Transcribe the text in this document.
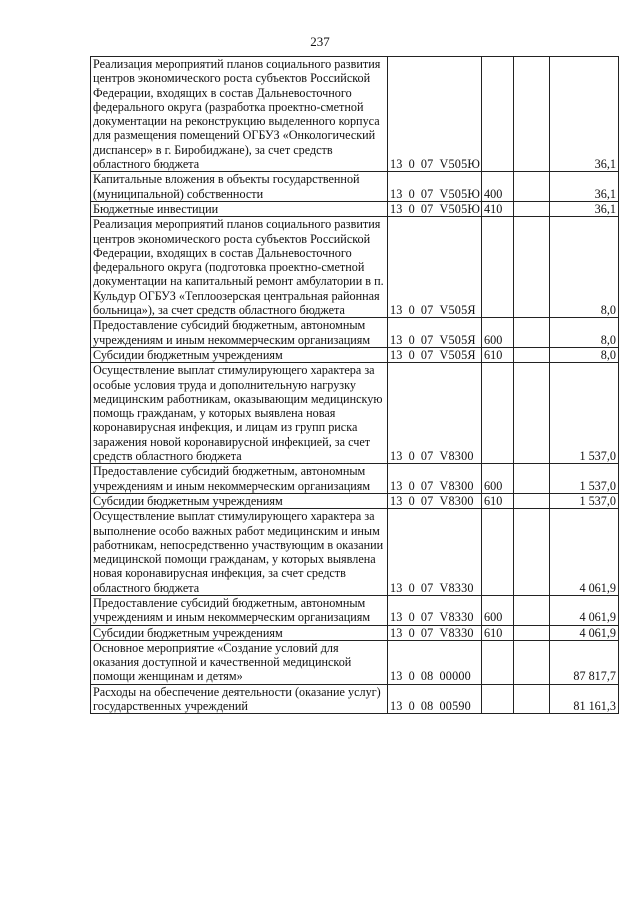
237
Реализация мероприятий планов социального развития центров экономического роста субъектов Российской Федерации, входящих в состав Дальневосточного федерального округа (разработка проектно-сметной документации на реконструкцию выделенного корпуса для размещения помещений ОГБУЗ «Онкологический диспансер» в г. Биробиджане), за счет средств областного бюджета	13 0 07 V505Ю			36,1
Капитальные вложения в объекты государственной (муниципальной) собственности	13 0 07 V505Ю	400		36,1
Бюджетные инвестиции	13 0 07 V505Ю	410		36,1
Реализация мероприятий планов социального развития центров экономического роста субъектов Российской Федерации, входящих в состав Дальневосточного федерального округа (подготовка проектно-сметной документации на капитальный ремонт амбулатории в п. Кульдур ОГБУЗ «Теплоозерская центральная районная больница»), за счет средств областного бюджета	13 0 07 V505Я			8,0
Предоставление субсидий бюджетным, автономным учреждениям и иным некоммерческим организациям	13 0 07 V505Я	600		8,0
Субсидии бюджетным учреждениям	13 0 07 V505Я	610		8,0
Осуществление выплат стимулирующего характера за особые условия труда и дополнительную нагрузку медицинским работникам, оказывающим медицинскую помощь гражданам, у которых выявлена новая коронавирусная инфекция, и лицам из групп риска заражения новой коронавирусной инфекцией, за счет средств областного бюджета	13 0 07 V8300			1 537,0
Предоставление субсидий бюджетным, автономным учреждениям и иным некоммерческим организациям	13 0 07 V8300	600		1 537,0
Субсидии бюджетным учреждениям	13 0 07 V8300	610		1 537,0
Осуществление выплат стимулирующего характера за выполнение особо важных работ медицинским и иным работникам, непосредственно участвующим в оказании медицинской помощи гражданам, у которых выявлена новая коронавирусная инфекция, за счет средств областного бюджета	13 0 07 V8330			4 061,9
Предоставление субсидий бюджетным, автономным учреждениям и иным некоммерческим организациям	13 0 07 V8330	600		4 061,9
Субсидии бюджетным учреждениям	13 0 07 V8330	610		4 061,9
Основное мероприятие «Создание условий для оказания доступной и качественной медицинской помощи женщинам и детям»	13 0 08 00000			87 817,7
Расходы на обеспечение деятельности (оказание услуг) государственных учреждений	13 0 08 00590			81 161,3
